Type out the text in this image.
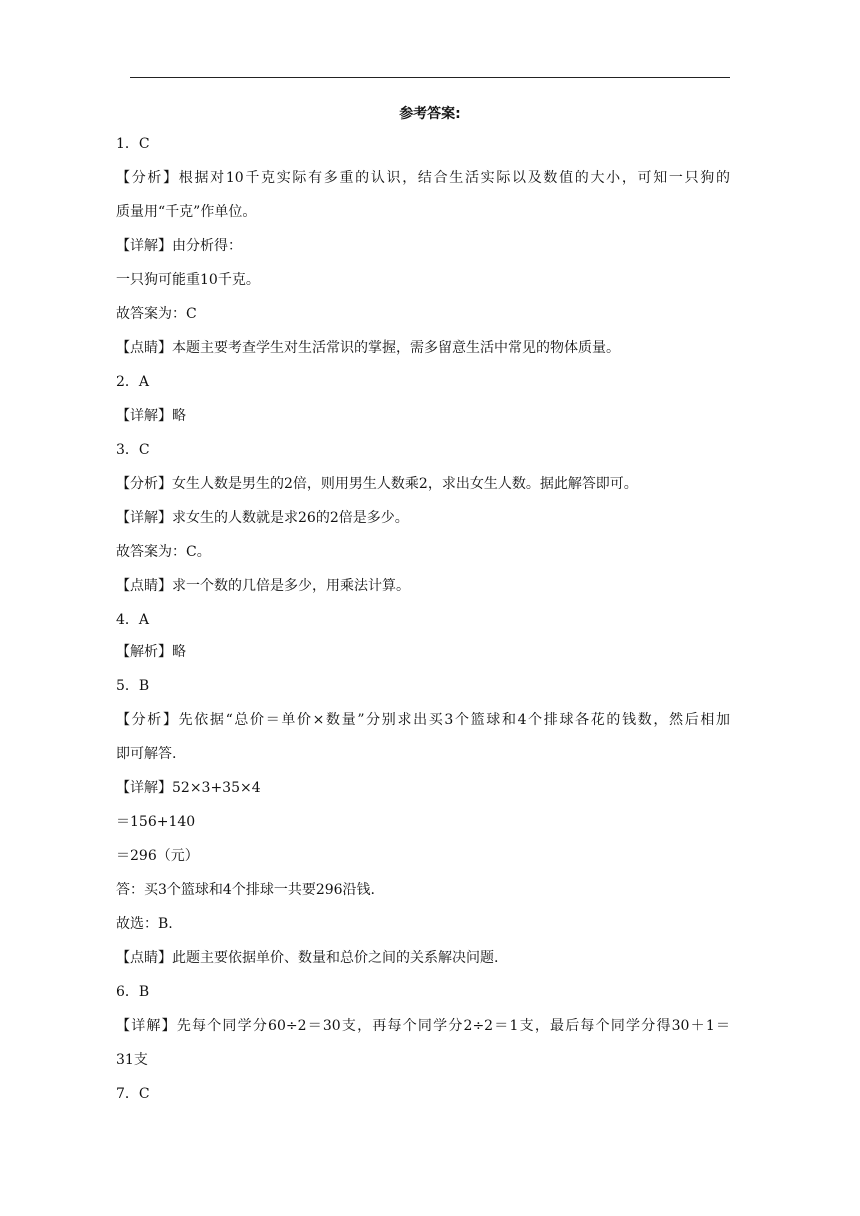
参考答案:
1．C
【分析】根据对10千克实际有多重的认识，结合生活实际以及数值的大小，可知一只狗的
质量用“千克”作单位。
【详解】由分析得：
一只狗可能重10千克。
故答案为：C
【点睛】本题主要考查学生对生活常识的掌握，需多留意生活中常见的物体质量。
2．A
【详解】略
3．C
【分析】女生人数是男生的2倍，则用男生人数乘2，求出女生人数。据此解答即可。
【详解】求女生的人数就是求26的2倍是多少。
故答案为：C。
【点睛】求一个数的几倍是多少，用乘法计算。
4．A
【解析】略
5．B
【分析】先依据“总价＝单价×数量”分别求出买3个篮球和4个排球各花的钱数，然后相加
即可解答.
【详解】52×3+35×4
＝156+140
＝296（元）
答：买3个篮球和4个排球一共要296沿钱.
故选：B.
【点睛】此题主要依据单价、数量和总价之间的关系解决问题.
6．B
【详解】先每个同学分60÷2＝30支，再每个同学分2÷2＝1支，最后每个同学分得30＋1＝
31支
7．C
